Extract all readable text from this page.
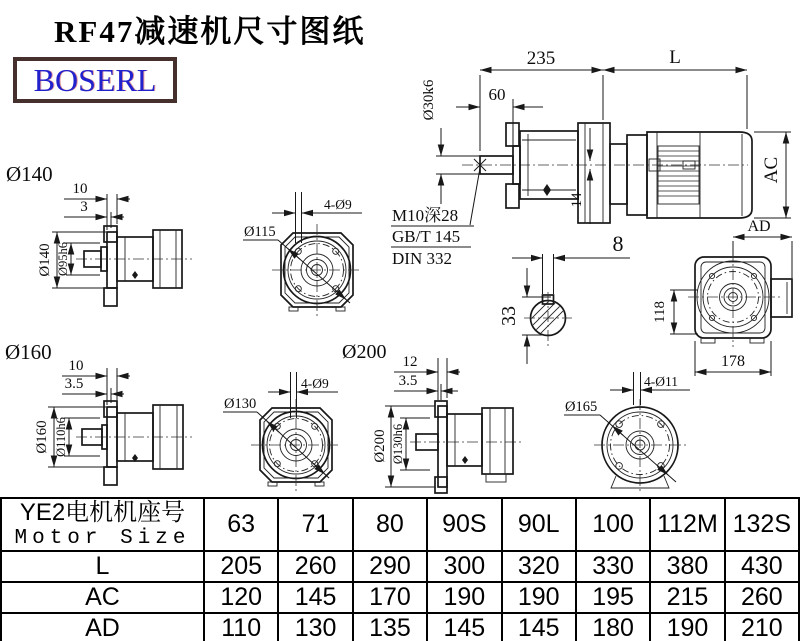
RF47减速机尺寸图纸
BOSERL
235	L
60
Ø30k6
14
AC
M10深28
GB/T 145
DIN 332
8
33
AD
118
178
Ø140
10
3
Ø140 Ø95h6
Ø115
4-Ø9
Ø160
10
3.5
Ø160 Ø110h6
Ø130
4-Ø9
Ø200 12
3.5
Ø200 Ø130h6
Ø165
4-Ø11
YE2电机机座号
Motor Size	63	71	80	90S	90L	100	112M	132S
L	205	260	290	300	320	330	380	430
AC	120	145	170	190	190	195	215	260
AD	110	130	135	145	145	180	190	210
